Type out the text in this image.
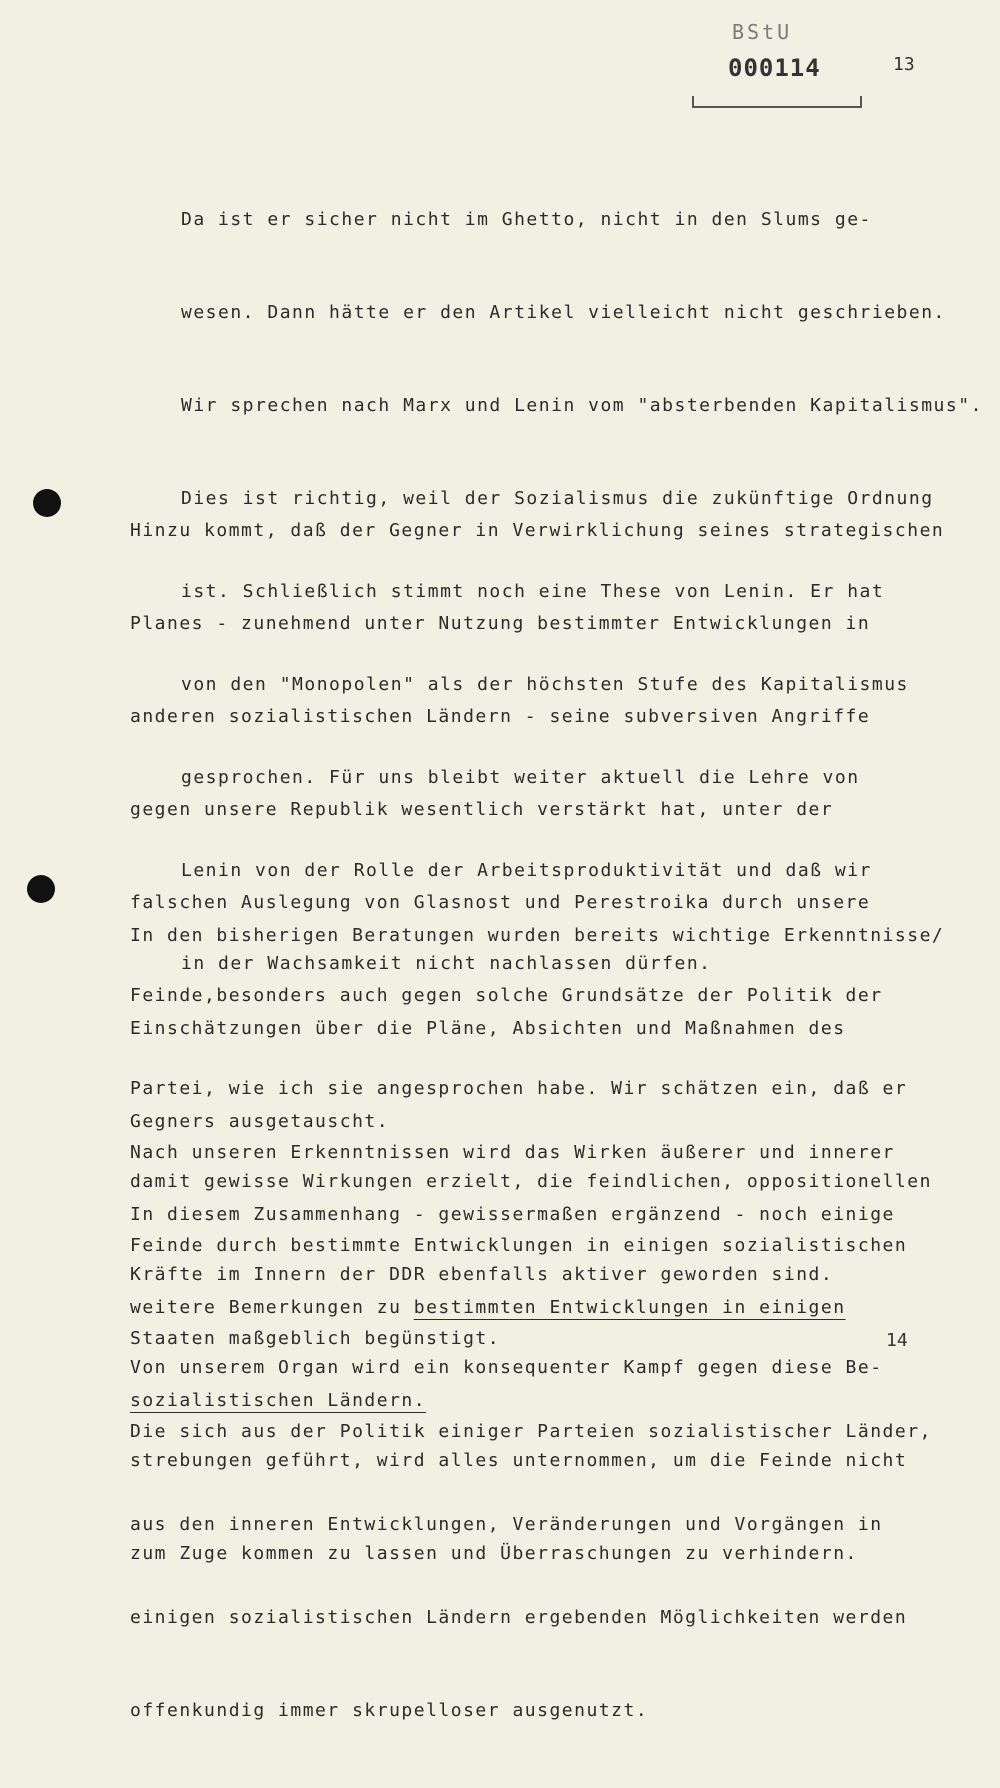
BStU
000114	13

Da ist er sicher nicht im Ghetto, nicht in den Slums ge-

wesen. Dann hätte er den Artikel vielleicht nicht geschrieben.

Wir sprechen nach Marx und Lenin vom "absterbenden Kapitalismus".

Dies ist richtig, weil der Sozialismus die zukünftige Ordnung

ist. Schließlich stimmt noch eine These von Lenin. Er hat

von den "Monopolen" als der höchsten Stufe des Kapitalismus

gesprochen. Für uns bleibt weiter aktuell die Lehre von

Lenin von der Rolle der Arbeitsproduktivität und daß wir

in der Wachsamkeit nicht nachlassen dürfen.

Hinzu kommt, daß der Gegner in Verwirklichung seines strategischen

Planes - zunehmend unter Nutzung bestimmter Entwicklungen in

anderen sozialistischen Ländern - seine subversiven Angriffe

gegen unsere Republik wesentlich verstärkt hat, unter der

falschen Auslegung von Glasnost und Perestroika durch unsere

Feinde,besonders auch gegen solche Grundsätze der Politik der

Partei, wie ich sie angesprochen habe. Wir schätzen ein, daß er

damit gewisse Wirkungen erzielt, die feindlichen, oppositionellen

Kräfte im Innern der DDR ebenfalls aktiver geworden sind.

Von unserem Organ wird ein konsequenter Kampf gegen diese Be-

strebungen geführt, wird alles unternommen, um die Feinde nicht

zum Zuge kommen zu lassen und Überraschungen zu verhindern.

In den bisherigen Beratungen wurden bereits wichtige Erkenntnisse/

Einschätzungen über die Pläne, Absichten und Maßnahmen des

Gegners ausgetauscht.

In diesem Zusammenhang - gewissermaßen ergänzend - noch einige

weitere Bemerkungen zu bestimmten Entwicklungen in einigen

sozialistischen Ländern.

Nach unseren Erkenntnissen wird das Wirken äußerer und innerer

Feinde durch bestimmte Entwicklungen in einigen sozialistischen

Staaten maßgeblich begünstigt.

Die sich aus der Politik einiger Parteien sozialistischer Länder,

aus den inneren Entwicklungen, Veränderungen und Vorgängen in

einigen sozialistischen Ländern ergebenden Möglichkeiten werden

offenkundig immer skrupelloser ausgenutzt.

14
